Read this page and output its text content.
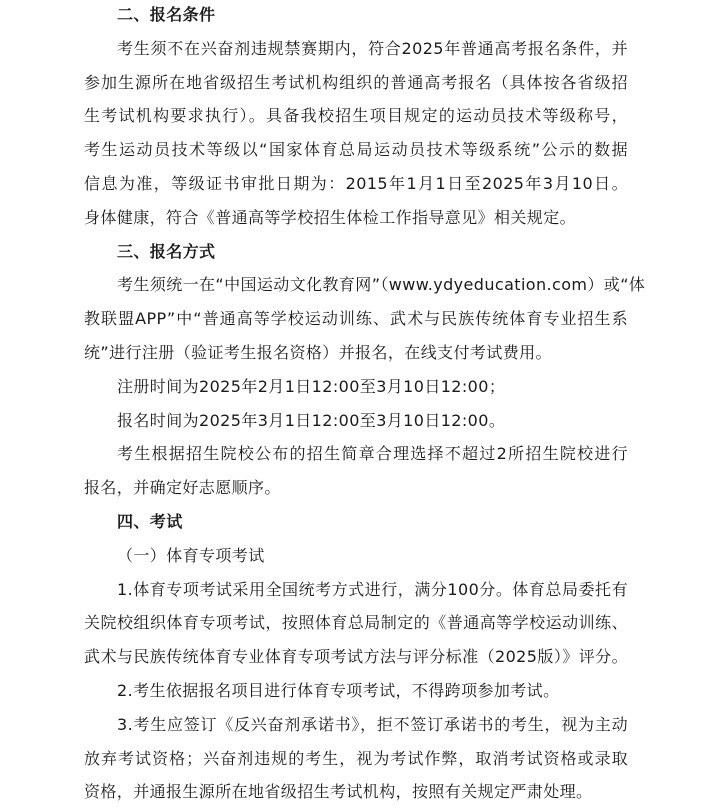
二、报名条件
考生须不在兴奋剂违规禁赛期内，符合2025年普通高考报名条件，并
参加生源所在地省级招生考试机构组织的普通高考报名（具体按各省级招
生考试机构要求执行）。具备我校招生项目规定的运动员技术等级称号，
考生运动员技术等级以“国家体育总局运动员技术等级系统”公示的数据
信息为准，等级证书审批日期为：2015年1月1日至2025年3月10日。
身体健康，符合《普通高等学校招生体检工作指导意见》相关规定。
三、报名方式
考生须统一在“中国运动文化教育网”（www.ydyeducation.com）或“体
教联盟APP”中“普通高等学校运动训练、武术与民族传统体育专业招生系
统”进行注册（验证考生报名资格）并报名，在线支付考试费用。
注册时间为2025年2月1日12:00至3月10日12:00；
报名时间为2025年3月1日12:00至3月10日12:00。
考生根据招生院校公布的招生简章合理选择不超过2所招生院校进行
报名，并确定好志愿顺序。
四、考试
（一）体育专项考试
1.体育专项考试采用全国统考方式进行，满分100分。体育总局委托有
关院校组织体育专项考试，按照体育总局制定的《普通高等学校运动训练、
武术与民族传统体育专业体育专项考试方法与评分标准（2025版）》评分。
2.考生依据报名项目进行体育专项考试，不得跨项参加考试。
3.考生应签订《反兴奋剂承诺书》，拒不签订承诺书的考生，视为主动
放弃考试资格；兴奋剂违规的考生，视为考试作弊，取消考试资格或录取
资格，并通报生源所在地省级招生考试机构，按照有关规定严肃处理。
